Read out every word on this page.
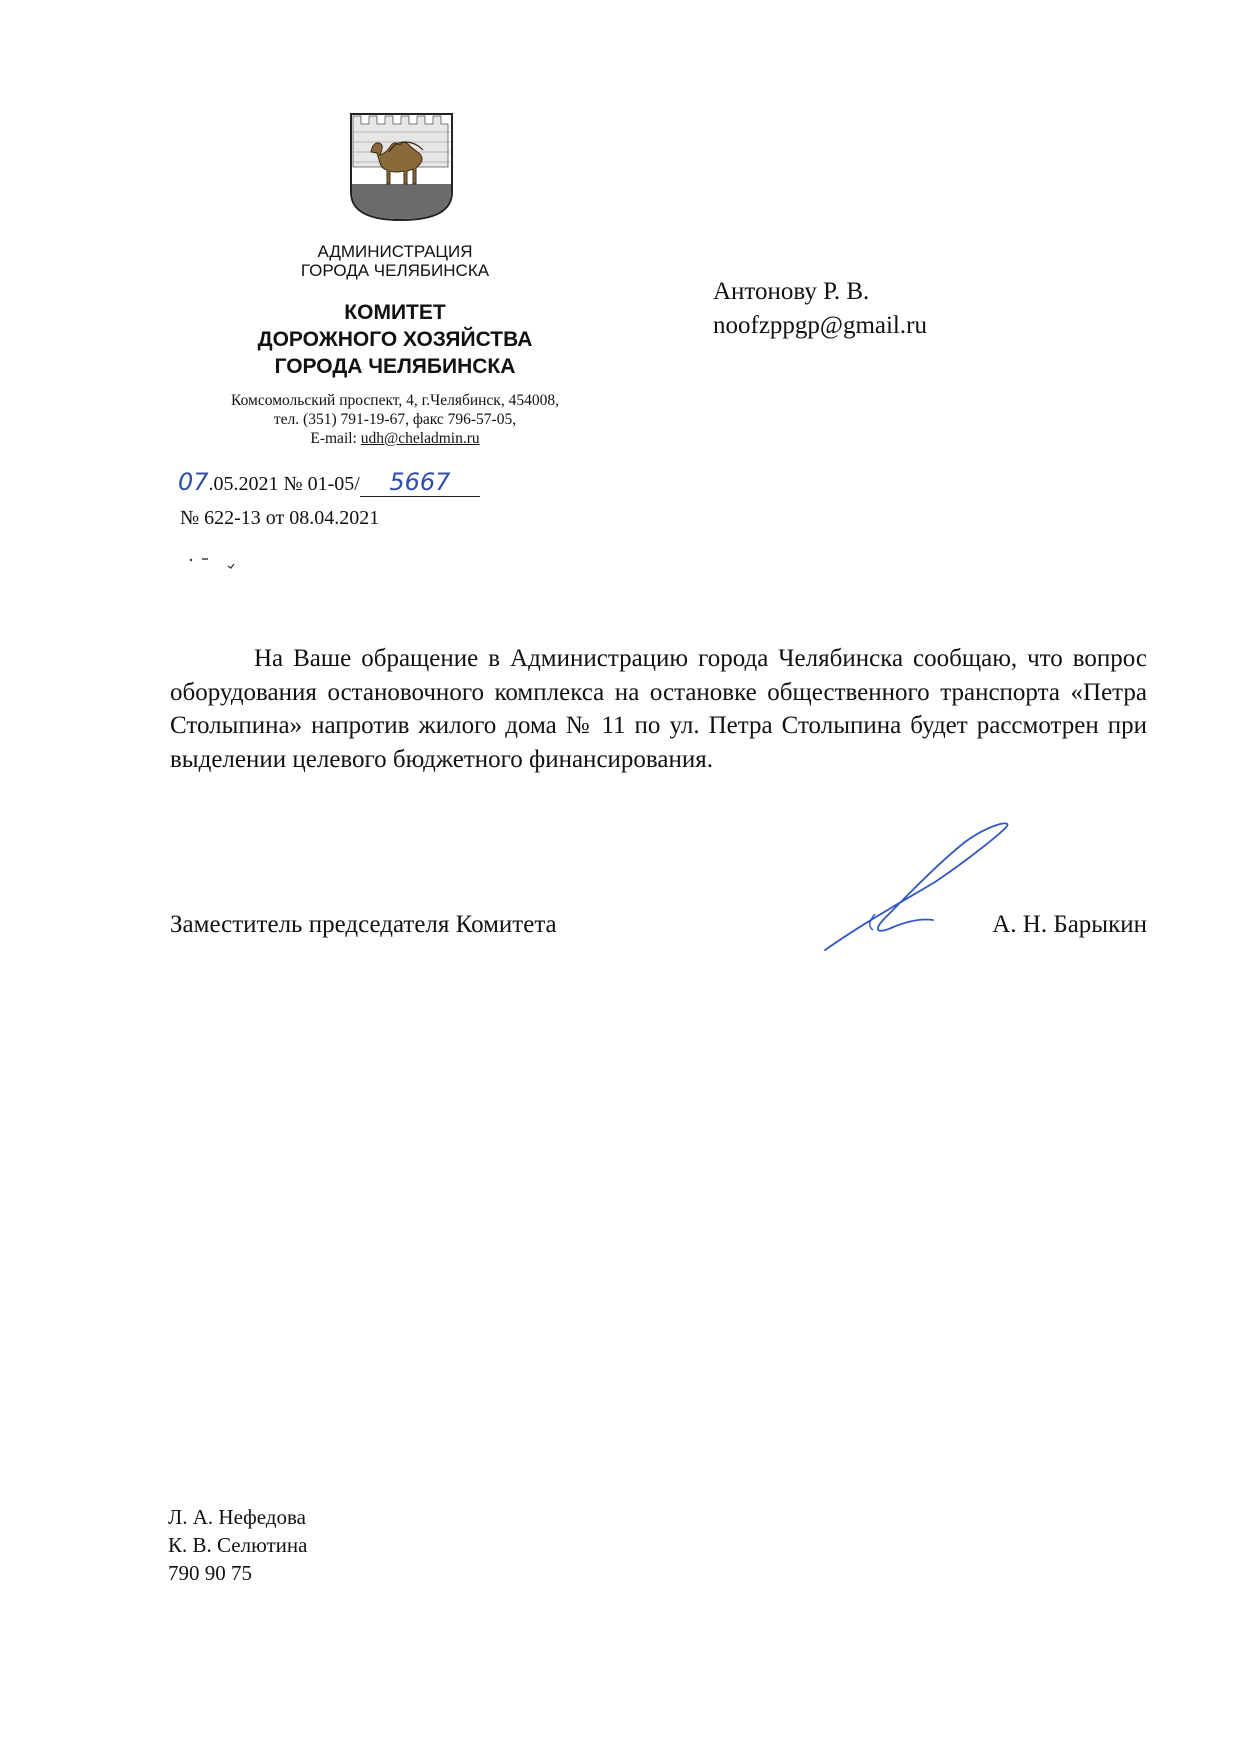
АДМИНИСТРАЦИЯ
ГОРОДА ЧЕЛЯБИНСКА
КОМИТЕТ
ДОРОЖНОГО ХОЗЯЙСТВА
ГОРОДА ЧЕЛЯБИНСКА
Комсомольский проспект, 4, г.Челябинск, 454008,
тел. (351) 791-19-67, факс 796-57-05,
E-mail: udh@cheladmin.ru
Антонову Р. В.
noofzppgp@gmail.ru
07.05.2021 № 01-05/ 5667
№ 622-13 от 08.04.2021

На Ваше обращение в Администрацию города Челябинска сообщаю, что вопрос оборудования остановочного комплекса на остановке общественного транспорта «Петра Столыпина» напротив жилого дома № 11 по ул. Петра Столыпина будет рассмотрен при выделении целевого бюджетного финансирования.

Заместитель председателя Комитета	А. Н. Барыкин
Л. А. Нефедова
К. В. Селютина
790 90 75
